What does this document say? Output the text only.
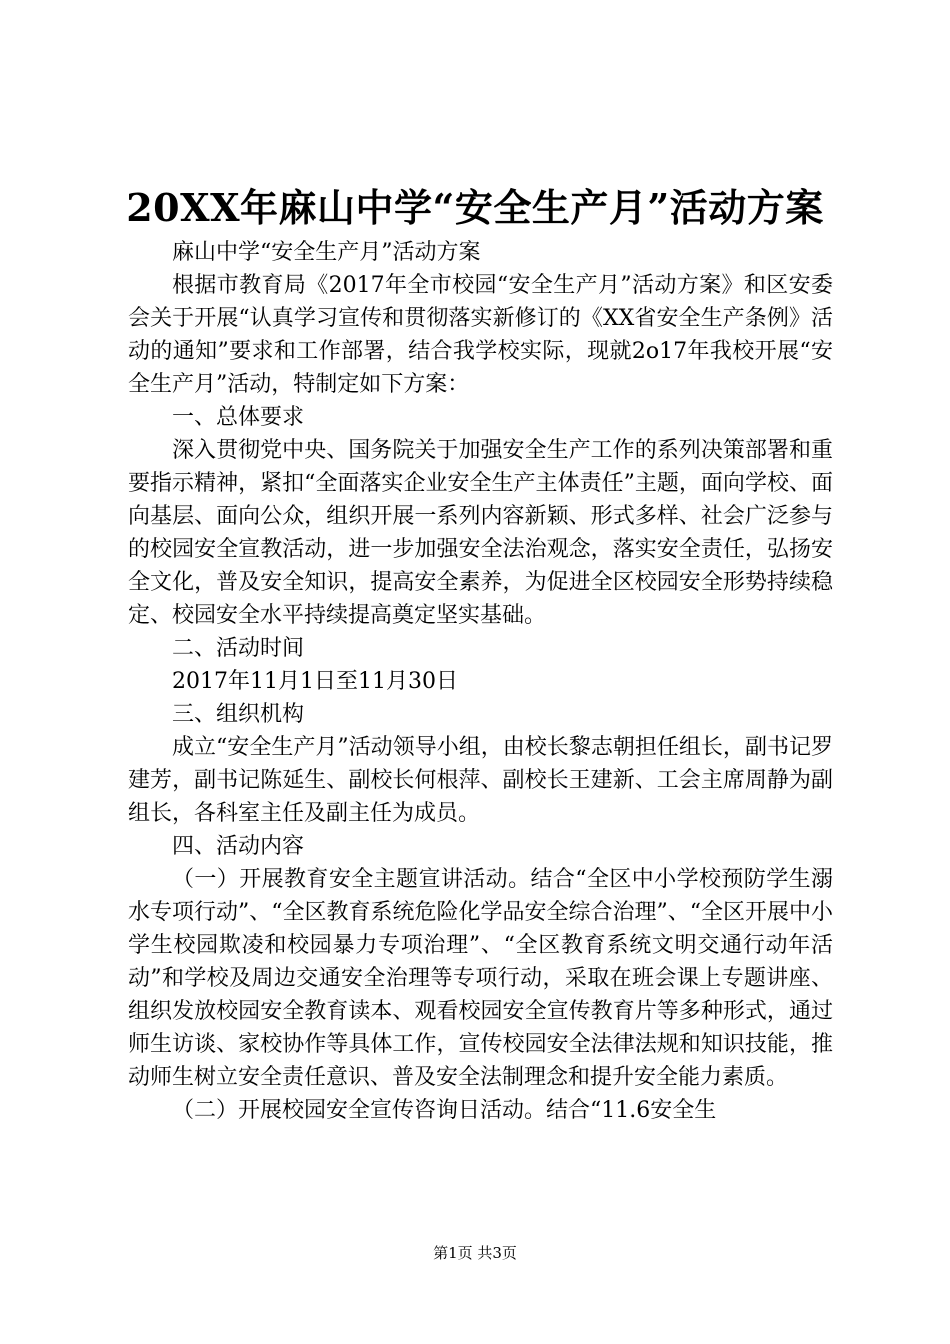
20XX年麻山中学“安全生产月”活动方案

麻山中学“安全生产月”活动方案

根据市教育局《2017年全市校园“安全生产月”活动方案》和区安委会关于开展“认真学习宣传和贯彻落实新修订的《XX省安全生产条例》活动的通知”要求和工作部署，结合我学校实际，现就2o17年我校开展“安全生产月”活动，特制定如下方案：

一、总体要求

深入贯彻党中央、国务院关于加强安全生产工作的系列决策部署和重要指示精神，紧扣“全面落实企业安全生产主体责任”主题，面向学校、面向基层、面向公众，组织开展一系列内容新颖、形式多样、社会广泛参与的校园安全宣教活动，进一步加强安全法治观念，落实安全责任，弘扬安全文化，普及安全知识，提高安全素养，为促进全区校园安全形势持续稳定、校园安全水平持续提高奠定坚实基础。

二、活动时间

2017年11月1日至11月30日

三、组织机构

成立“安全生产月”活动领导小组，由校长黎志朝担任组长，副书记罗建芳，副书记陈延生、副校长何根萍、副校长王建新、工会主席周静为副组长，各科室主任及副主任为成员。

四、活动内容

（一）开展教育安全主题宣讲活动。结合“全区中小学校预防学生溺水专项行动”、“全区教育系统危险化学品安全综合治理”、“全区开展中小学生校园欺凌和校园暴力专项治理”、“全区教育系统文明交通行动年活动”和学校及周边交通安全治理等专项行动，采取在班会课上专题讲座、组织发放校园安全教育读本、观看校园安全宣传教育片等多种形式，通过师生访谈、家校协作等具体工作，宣传校园安全法律法规和知识技能，推动师生树立安全责任意识、普及安全法制理念和提升安全能力素质。

（二）开展校园安全宣传咨询日活动。结合“11.6安全生

第1页 共3页
